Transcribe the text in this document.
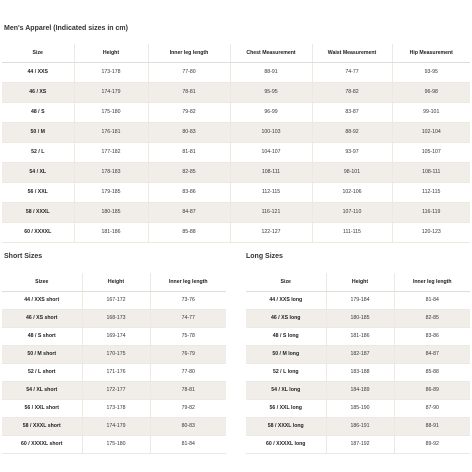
Men's Apparel (Indicated sizes in cm)
Size	Height	Inner leg length	Chest Measurement	Waist Measurement	Hip Measurement
44 / XXS	173-178	77-80	88-91	74-77	93-95
46 / XS	174-179	78-81	95-95	78-82	96-98
48 / S	175-180	79-82	96-99	83-87	99-101
50 / M	176-181	80-83	100-103	88-92	102-104
52 / L	177-182	81-81	104-107	93-97	105-107
54 / XL	178-183	82-85	108-111	98-101	108-111
56 / XXL	179-185	83-86	112-115	102-106	112-115
58 / XXXL	180-185	84-87	116-121	107-110	116-119
60 / XXXXL	181-186	85-88	122-127	111-115	120-123
Short Sizes
Sizee	Height	Inner leg length
44 / XXS short	167-172	73-76
46 / XS short	168-173	74-77
48 / S short	169-174	75-78
50 / M short	170-175	76-79
52 / L short	171-176	77-80
54 / XL short	172-177	78-81
56 / XXL short	173-178	79-82
58 / XXXL short	174-179	80-83
60 / XXXXL short	175-180	81-84
Long Sizes
Size	Height	Inner leg length
44 / XXS long	179-184	81-84
46 / XS long	180-185	82-85
48 / S long	181-186	83-86
50 / M long	182-187	84-87
52 / L long	183-188	85-88
54 / XL long	184-189	86-89
56 / XXL long	185-190	87-90
58 / XXXL long	186-191	88-91
60 / XXXXL long	187-192	89-92
